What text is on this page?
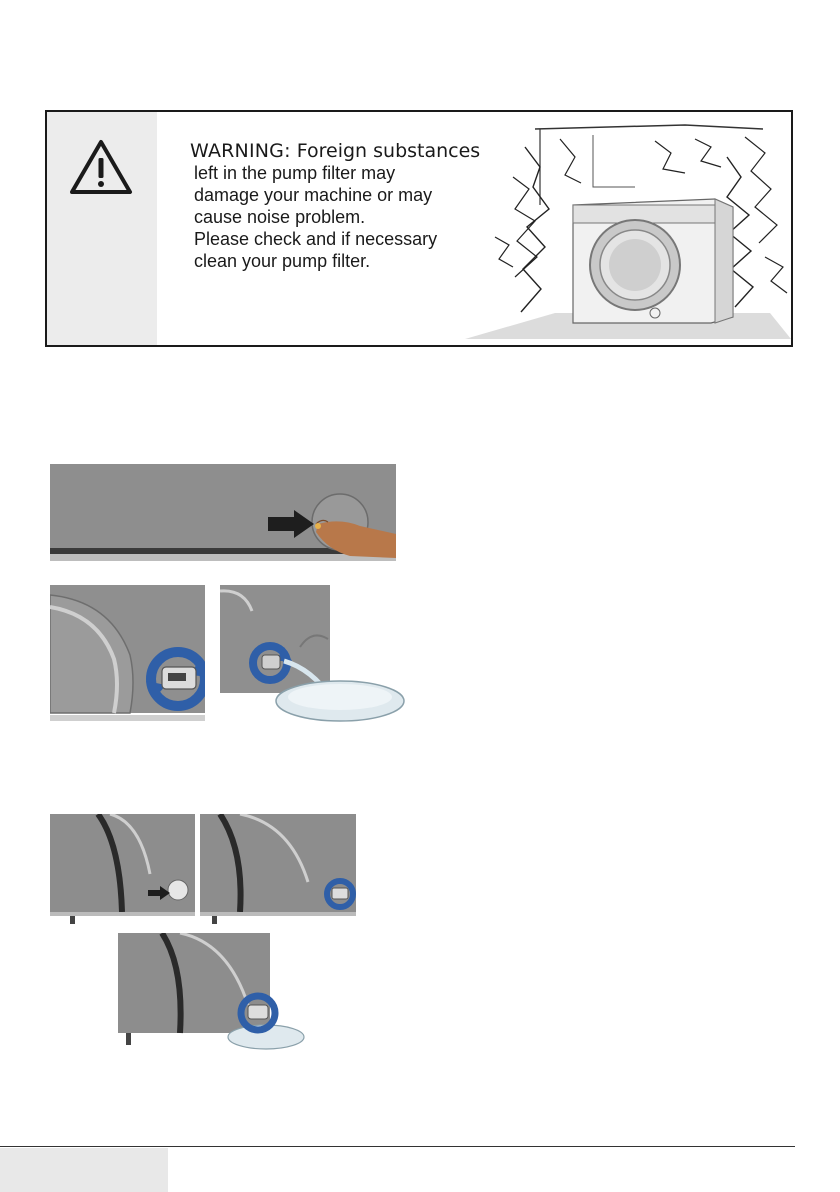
WARNING: Foreign substances
left in the pump filter may
damage your machine or may
cause noise problem.
Please check and if necessary
clean your pump filter.
